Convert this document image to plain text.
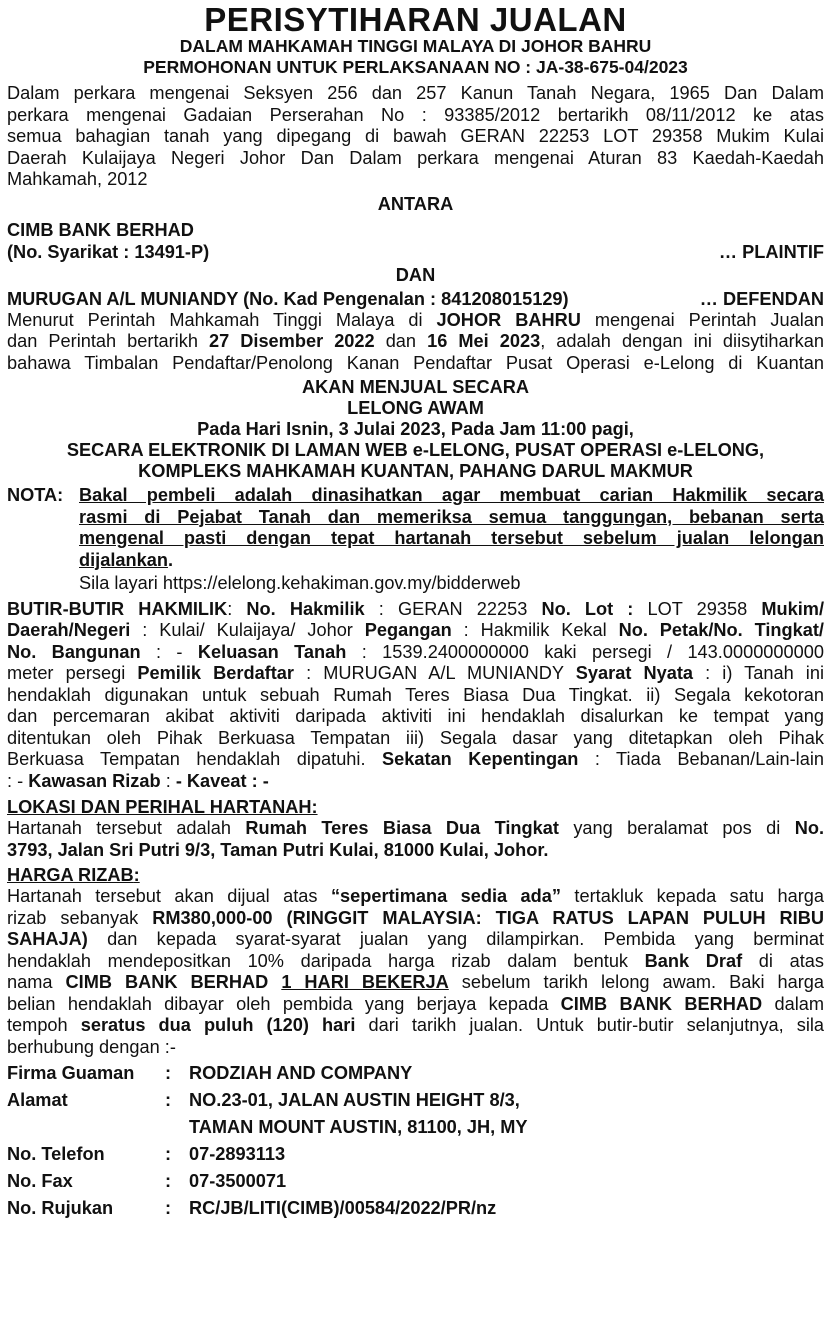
PERISYTIHARAN JUALAN

DALAM MAHKAMAH TINGGI MALAYA DI JOHOR BAHRU

PERMOHONAN UNTUK PERLAKSANAAN NO : JA-38-675-04/2023

Dalam perkara mengenai Seksyen 256 dan 257 Kanun Tanah Negara, 1965 Dan Dalam

perkara mengenai Gadaian Perserahan No : 93385/2012 bertarikh 08/11/2012 ke atas

semua bahagian tanah yang dipegang di bawah GERAN 22253 LOT 29358 Mukim Kulai

Daerah Kulaijaya Negeri Johor Dan Dalam perkara mengenai Aturan 83 Kaedah-Kaedah

Mahkamah, 2012

ANTARA

CIMB BANK BERHAD
(No. Syarikat : 13491-P)	… PLAINTIF

DAN

MURUGAN A/L MUNIANDY (No. Kad Pengenalan : 841208015129)	… DEFENDAN

Menurut Perintah Mahkamah Tinggi Malaya di JOHOR BAHRU mengenai Perintah Jualan

dan Perintah bertarikh 27 Disember 2022 dan 16 Mei 2023, adalah dengan ini diisytiharkan

bahawa Timbalan Pendaftar/Penolong Kanan Pendaftar Pusat Operasi e-Lelong di Kuantan

AKAN MENJUAL SECARA

LELONG AWAM

Pada Hari Isnin, 3 Julai 2023, Pada Jam 11:00 pagi,

SECARA ELEKTRONIK DI LAMAN WEB e-LELONG, PUSAT OPERASI e-LELONG,

KOMPLEKS MAHKAMAH KUANTAN, PAHANG DARUL MAKMUR

NOTA: Bakal pembeli adalah dinasihatkan agar membuat carian Hakmilik secara
rasmi di Pejabat Tanah dan memeriksa semua tanggungan, bebanan serta
mengenal pasti dengan tepat hartanah tersebut sebelum jualan lelongan
dijalankan.
Sila layari https://elelong.kehakiman.gov.my/bidderweb

BUTIR-BUTIR HAKMILIK: No. Hakmilik : GERAN 22253 No. Lot : LOT 29358 Mukim/

Daerah/Negeri : Kulai/ Kulaijaya/ Johor Pegangan : Hakmilik Kekal No. Petak/No. Tingkat/

No. Bangunan : - Keluasan Tanah : 1539.2400000000 kaki persegi / 143.0000000000

meter persegi Pemilik Berdaftar : MURUGAN A/L MUNIANDY Syarat Nyata : i) Tanah ini

hendaklah digunakan untuk sebuah Rumah Teres Biasa Dua Tingkat. ii) Segala kekotoran

dan percemaran akibat aktiviti daripada aktiviti ini hendaklah disalurkan ke tempat yang

ditentukan oleh Pihak Berkuasa Tempatan iii) Segala dasar yang ditetapkan oleh Pihak

Berkuasa Tempatan hendaklah dipatuhi. Sekatan Kepentingan : Tiada Bebanan/Lain-lain

: - Kawasan Rizab : - Kaveat : -

LOKASI DAN PERIHAL HARTANAH:

Hartanah tersebut adalah Rumah Teres Biasa Dua Tingkat yang beralamat pos di No.

3793, Jalan Sri Putri 9/3, Taman Putri Kulai, 81000 Kulai, Johor.

HARGA RIZAB:

Hartanah tersebut akan dijual atas “sepertimana sedia ada” tertakluk kepada satu harga

rizab sebanyak RM380,000-00 (RINGGIT MALAYSIA: TIGA RATUS LAPAN PULUH RIBU

SAHAJA) dan kepada syarat-syarat jualan yang dilampirkan. Pembida yang berminat

hendaklah mendepositkan 10% daripada harga rizab dalam bentuk Bank Draf di atas

nama CIMB BANK BERHAD 1 HARI BEKERJA sebelum tarikh lelong awam. Baki harga

belian hendaklah dibayar oleh pembida yang berjaya kepada CIMB BANK BERHAD dalam

tempoh seratus dua puluh (120) hari dari tarikh jualan. Untuk butir-butir selanjutnya, sila

berhubung dengan :-

Firma Guaman	: RODZIAH AND COMPANY
Alamat	: NO.23-01, JALAN AUSTIN HEIGHT 8/3,
TAMAN MOUNT AUSTIN, 81100, JH, MY
No. Telefon	: 07-2893113
No. Fax	: 07-3500071
No. Rujukan	: RC/JB/LITI(CIMB)/00584/2022/PR/nz
